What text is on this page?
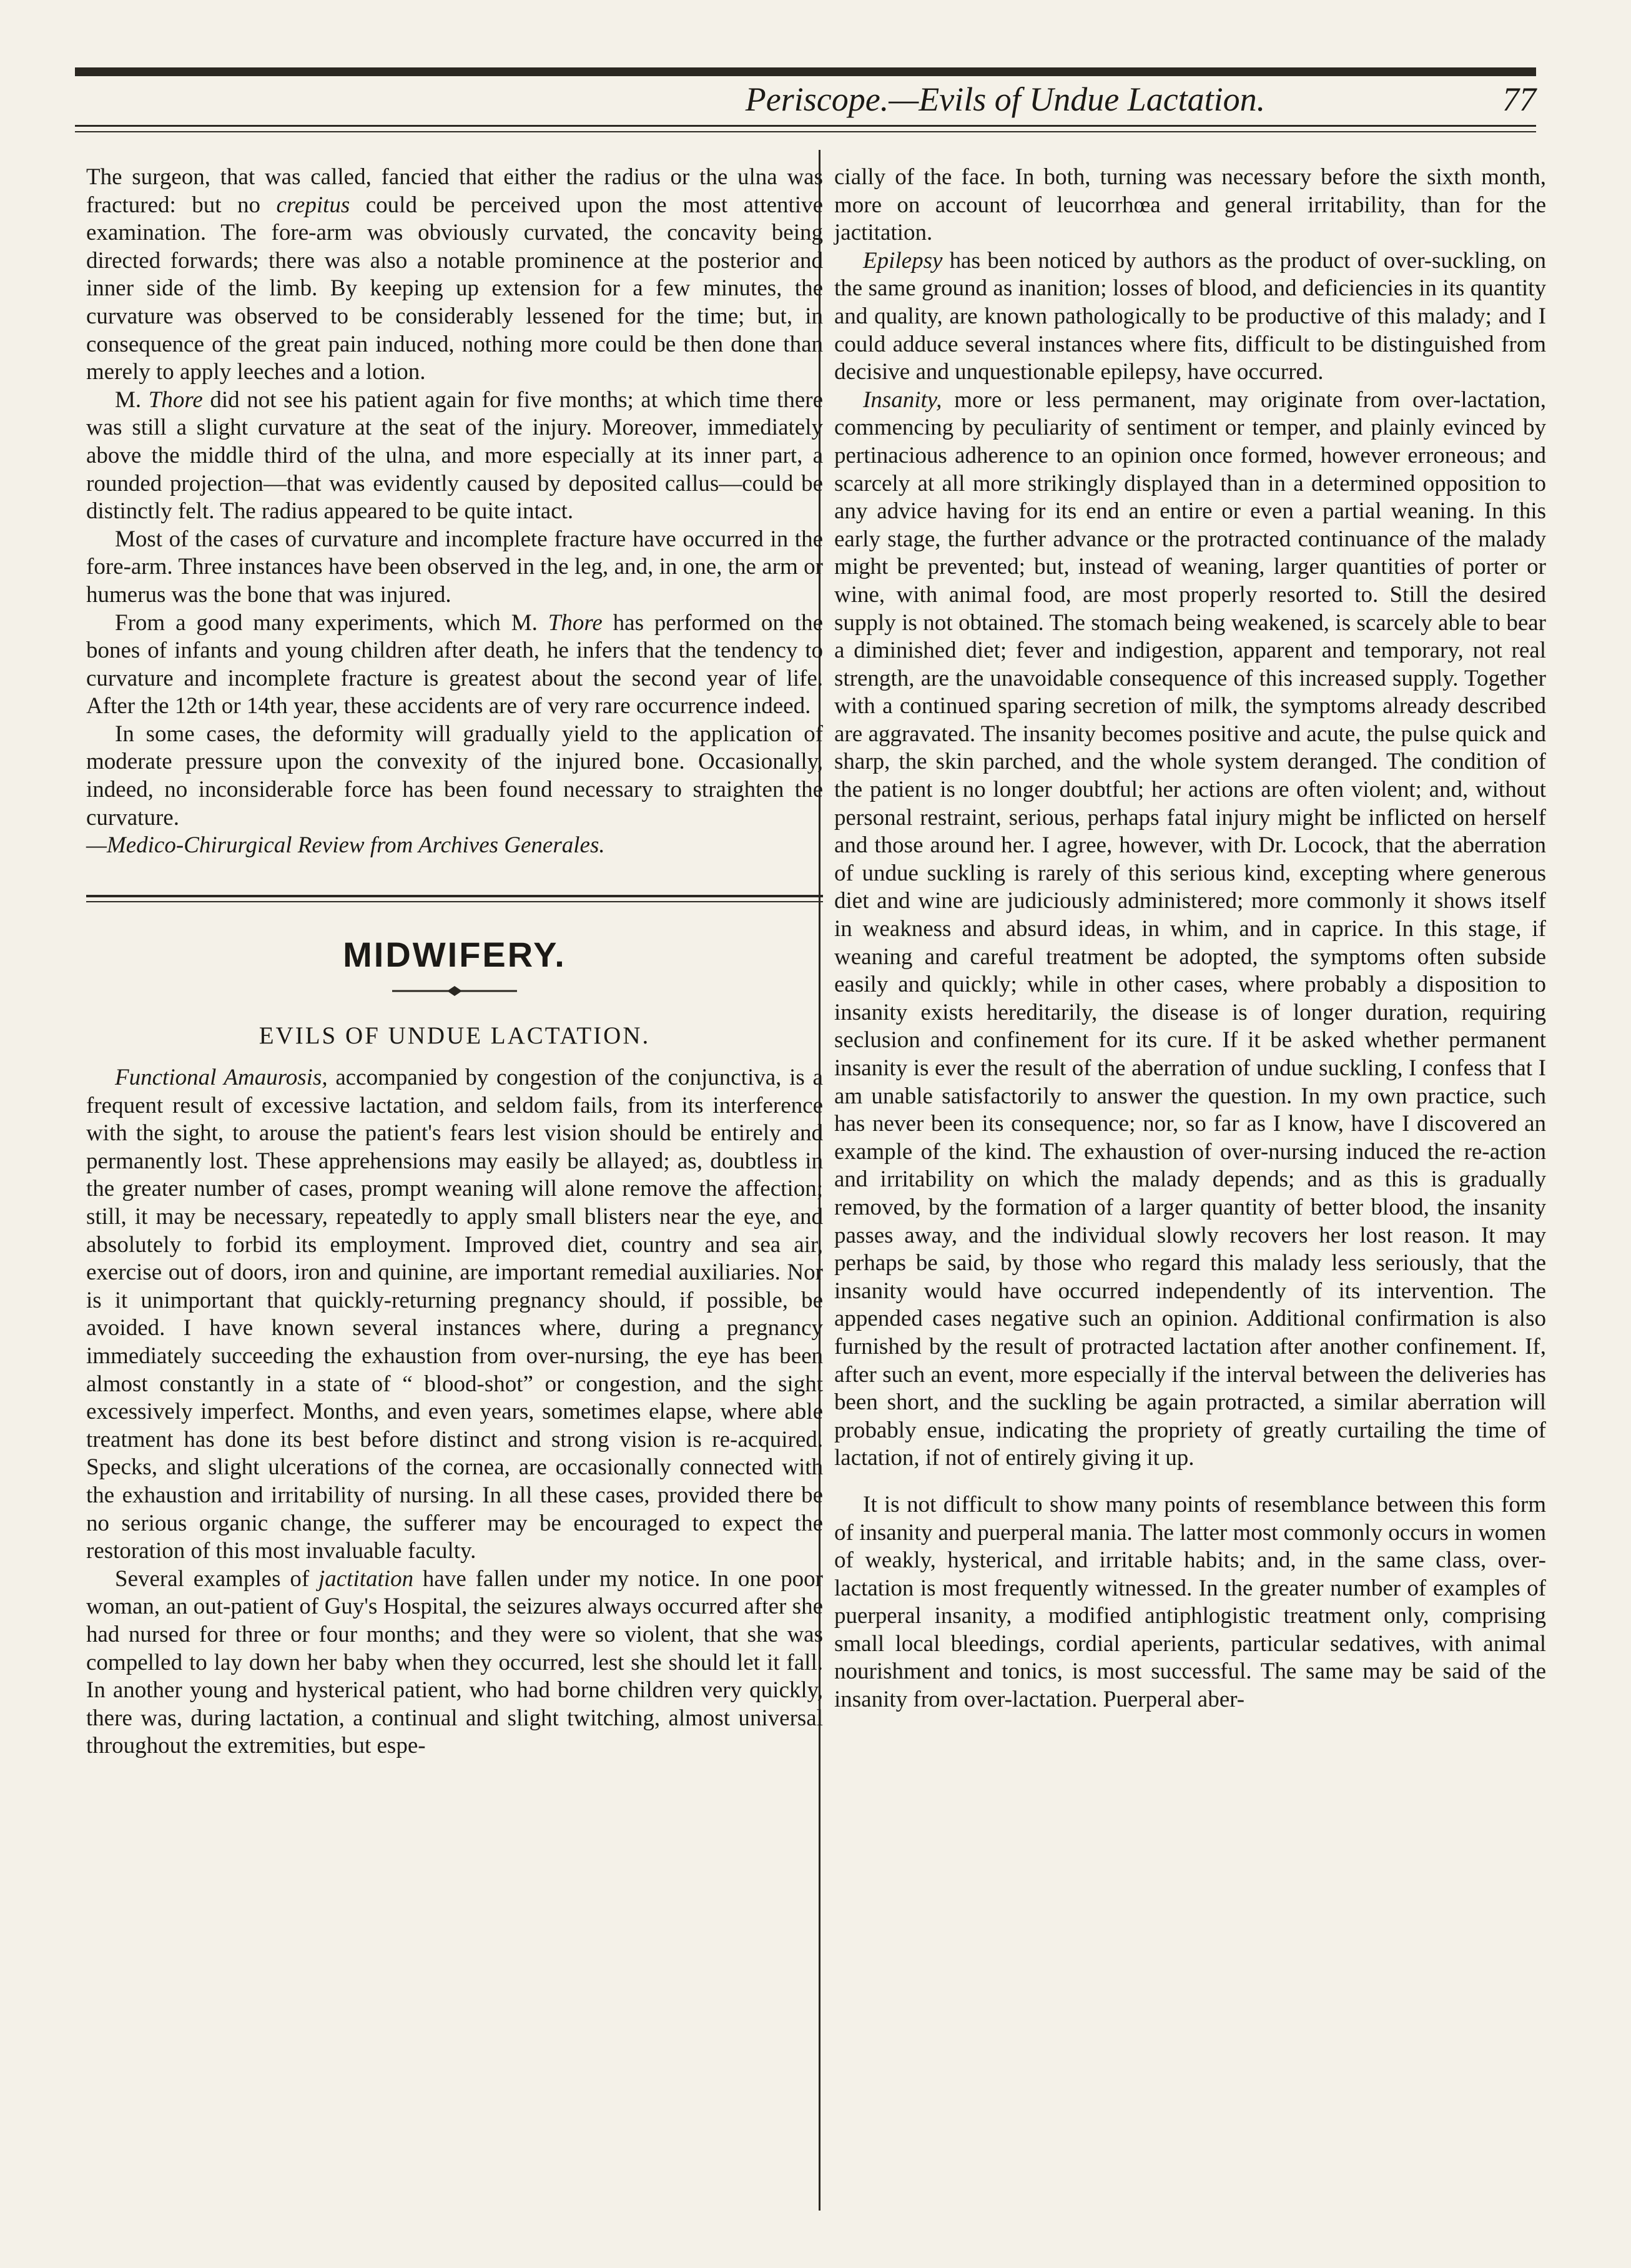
Periscope.—Evils of Undue Lactation.	77

The surgeon, that was called, fancied that either the radius or the ulna was fractured: but no crepitus could be perceived upon the most attentive examination. The fore-arm was obviously curvated, the concavity being directed forwards; there was also a notable prominence at the posterior and inner side of the limb. By keeping up extension for a few minutes, the curvature was observed to be considerably lessened for the time; but, in consequence of the great pain induced, nothing more could be then done than merely to apply leeches and a lotion.

M. Thore did not see his patient again for five months; at which time there was still a slight curvature at the seat of the injury. Moreover, immediately above the middle third of the ulna, and more especially at its inner part, a rounded projection—that was evidently caused by deposited callus—could be distinctly felt. The radius appeared to be quite intact.

Most of the cases of curvature and incomplete fracture have occurred in the fore-arm. Three instances have been observed in the leg, and, in one, the arm or humerus was the bone that was injured.

From a good many experiments, which M. Thore has performed on the bones of infants and young children after death, he infers that the tendency to curvature and incomplete fracture is greatest about the second year of life. After the 12th or 14th year, these accidents are of very rare occurrence indeed.

In some cases, the deformity will gradually yield to the application of moderate pressure upon the convexity of the injured bone. Occasionally, indeed, no inconsiderable force has been found necessary to straighten the curvature.
—Medico-Chirurgical Review from Archives Generales.

MIDWIFERY.
EVILS OF UNDUE LACTATION.

Functional Amaurosis, accompanied by congestion of the conjunctiva, is a frequent result of excessive lactation, and seldom fails, from its interference with the sight, to arouse the patient's fears lest vision should be entirely and permanently lost. These apprehensions may easily be allayed; as, doubtless in the greater number of cases, prompt weaning will alone remove the affection; still, it may be necessary, repeatedly to apply small blisters near the eye, and absolutely to forbid its employment. Improved diet, country and sea air, exercise out of doors, iron and quinine, are important remedial auxiliaries. Nor is it unimportant that quickly-returning pregnancy should, if possible, be avoided. I have known several instances where, during a pregnancy immediately succeeding the exhaustion from over-nursing, the eye has been almost constantly in a state of “ blood-shot” or congestion, and the sight excessively imperfect. Months, and even years, sometimes elapse, where able treatment has done its best before distinct and strong vision is re-acquired. Specks, and slight ulcerations of the cornea, are occasionally connected with the exhaustion and irritability of nursing. In all these cases, provided there be no serious organic change, the sufferer may be encouraged to expect the restoration of this most invaluable faculty.

Several examples of jactitation have fallen under my notice. In one poor woman, an out-patient of Guy's Hospital, the seizures always occurred after she had nursed for three or four months; and they were so violent, that she was compelled to lay down her baby when they occurred, lest she should let it fall. In another young and hysterical patient, who had borne children very quickly, there was, during lactation, a continual and slight twitching, almost universal throughout the extremities, but espe-

cially of the face. In both, turning was necessary before the sixth month, more on account of leucorrhœa and general irritability, than for the jactitation.

Epilepsy has been noticed by authors as the product of over-suckling, on the same ground as inanition; losses of blood, and deficiencies in its quantity and quality, are known pathologically to be productive of this malady; and I could adduce several instances where fits, difficult to be distinguished from decisive and unquestionable epilepsy, have occurred.

Insanity, more or less permanent, may originate from over-lactation, commencing by peculiarity of sentiment or temper, and plainly evinced by pertinacious adherence to an opinion once formed, however erroneous; and scarcely at all more strikingly displayed than in a determined opposition to any advice having for its end an entire or even a partial weaning. In this early stage, the further advance or the protracted continuance of the malady might be prevented; but, instead of weaning, larger quantities of porter or wine, with animal food, are most properly resorted to. Still the desired supply is not obtained. The stomach being weakened, is scarcely able to bear a diminished diet; fever and indigestion, apparent and temporary, not real strength, are the unavoidable consequence of this increased supply. Together with a continued sparing secretion of milk, the symptoms already described are aggravated. The insanity becomes positive and acute, the pulse quick and sharp, the skin parched, and the whole system deranged. The condition of the patient is no longer doubtful; her actions are often violent; and, without personal restraint, serious, perhaps fatal injury might be inflicted on herself and those around her. I agree, however, with Dr. Locock, that the aberration of undue suckling is rarely of this serious kind, excepting where generous diet and wine are judiciously administered; more commonly it shows itself in weakness and absurd ideas, in whim, and in caprice. In this stage, if weaning and careful treatment be adopted, the symptoms often subside easily and quickly; while in other cases, where probably a disposition to insanity exists hereditarily, the disease is of longer duration, requiring seclusion and confinement for its cure. If it be asked whether permanent insanity is ever the result of the aberration of undue suckling, I confess that I am unable satisfactorily to answer the question. In my own practice, such has never been its consequence; nor, so far as I know, have I discovered an example of the kind. The exhaustion of over-nursing induced the re-action and irritability on which the malady depends; and as this is gradually removed, by the formation of a larger quantity of better blood, the insanity passes away, and the individual slowly recovers her lost reason. It may perhaps be said, by those who regard this malady less seriously, that the insanity would have occurred independently of its intervention. The appended cases negative such an opinion. Additional confirmation is also furnished by the result of protracted lactation after another confinement. If, after such an event, more especially if the interval between the deliveries has been short, and the suckling be again protracted, a similar aberration will probably ensue, indicating the propriety of greatly curtailing the time of lactation, if not of entirely giving it up.

It is not difficult to show many points of resemblance between this form of insanity and puerperal mania. The latter most commonly occurs in women of weakly, hysterical, and irritable habits; and, in the same class, over-lactation is most frequently witnessed. In the greater number of examples of puerperal insanity, a modified antiphlogistic treatment only, comprising small local bleedings, cordial aperients, particular sedatives, with animal nourishment and tonics, is most successful. The same may be said of the insanity from over-lactation. Puerperal aber-
